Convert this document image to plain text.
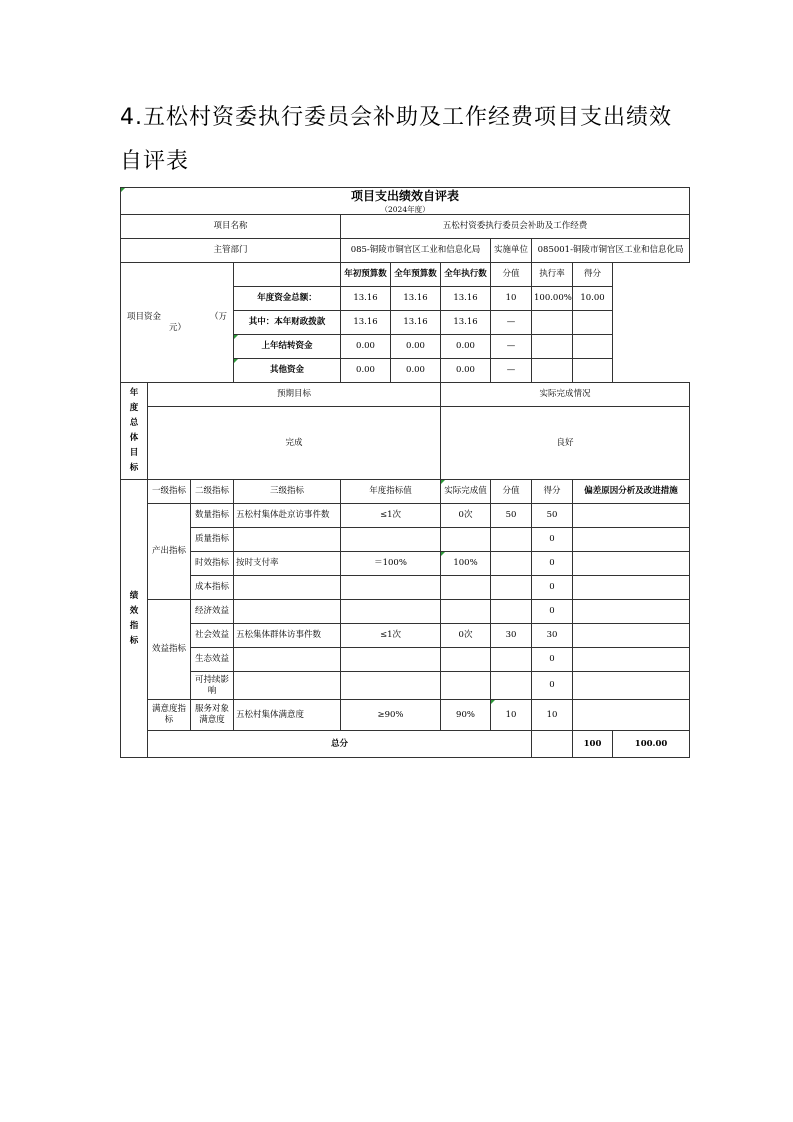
4.五松村资委执行委员会补助及工作经费项目支出绩效自评表
项目支出绩效自评表											
（2024年度）											
项目名称				五松村资委执行委员会补助及工作经费							
主管部门				085-铜陵市铜官区工业和信息化局			实施单位	085001-铜陵市铜官区工业和信息化局			

项目资金 （万
元）				年初预算数	全年预算数	全年执行数	分值	执行率	得分		
			年度资金总额：	13.16	13.16	13.16	10	100.00%	10.00		
			其中：本年财政拨款	13.16	13.16	13.16	—				
			上年结转资金	0.00	0.00	0.00	—				
			其他资金	0.00	0.00	0.00	—				

年度总体目标	预期目标					实际完成情况					
	完成					良好					

绩效指标	一级指标	二级指标	三级指标	年度指标值		实际完成值	分值	得分	偏差原因分析及改进措施		
	产出指标	数量指标	五松村集体赴京访事件数	≤1次		0次	50	50			
		质量指标						0			
		时效指标	按时支付率	＝100%		100%		0			
		成本指标						0			
	效益指标	经济效益						0			
		社会效益	五松集体群体访事件数	≤1次		0次	30	30			
		生态效益						0			
		可持续影响						0			
	满意度指标	服务对象满意度	五松村集体满意度	≥90%		90%	10	10			
	总分								100	100.00	
